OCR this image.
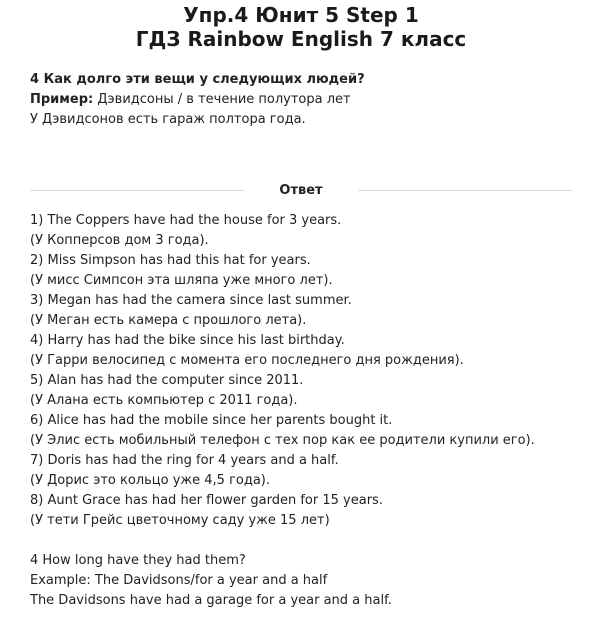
Упр.4 Юнит 5 Step 1
ГДЗ Rainbow English 7 класс
4 Как долго эти вещи у следующих людей?
Пример: Дэвидсоны / в течение полутора лет
У Дэвидсонов есть гараж полтора года.
Ответ
1) The Coppers have had the house for 3 years.
(У Копперсов дом 3 года).
2) Miss Simpson has had this hat for years.
(У мисс Симпсон эта шляпа уже много лет).
3) Megan has had the camera since last summer.
(У Меган есть камера с прошлого лета).
4) Harry has had the bike since his last birthday.
(У Гарри велосипед с момента его последнего дня рождения).
5) Alan has had the computer since 2011.
(У Алана есть компьютер с 2011 года).
6) Alice has had the mobile since her parents bought it.
(У Элис есть мобильный телефон с тех пор как ее родители купили его).
7) Doris has had the ring for 4 years and a half.
(У Дорис это кольцо уже 4,5 года).
8) Aunt Grace has had her flower garden for 15 years.
(У тети Грейс цветочному саду уже 15 лет)
4 How long have they had them?
Example: The Davidsons/for a year and a half
The Davidsons have had a garage for a year and a half.
